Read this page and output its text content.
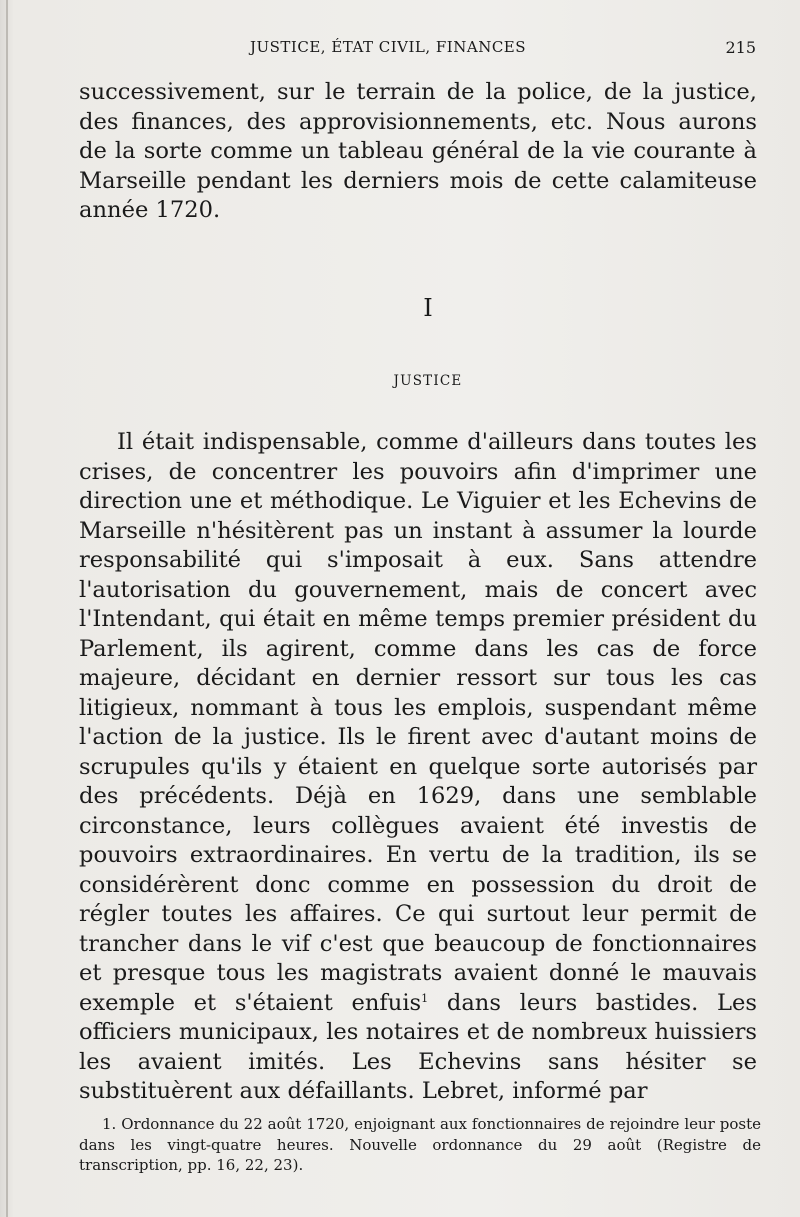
JUSTICE, ÉTAT CIVIL, FINANCES	215

successivement, sur le terrain de la police, de la justice, des finances, des approvisionnements, etc. Nous aurons de la sorte comme un tableau général de la vie courante à Marseille pendant les derniers mois de cette calamiteuse année 1720.

I
JUSTICE

Il était indispensable, comme d'ailleurs dans toutes les crises, de concentrer les pouvoirs afin d'imprimer une direction une et méthodique. Le Viguier et les Echevins de Marseille n'hésitèrent pas un instant à assumer la lourde responsabilité qui s'imposait à eux. Sans attendre l'autorisation du gouvernement, mais de concert avec l'Intendant, qui était en même temps premier président du Parlement, ils agirent, comme dans les cas de force majeure, décidant en dernier ressort sur tous les cas litigieux, nommant à tous les emplois, suspendant même l'action de la justice. Ils le firent avec d'autant moins de scrupules qu'ils y étaient en quelque sorte autorisés par des précédents. Déjà en 1629, dans une semblable circonstance, leurs collègues avaient été investis de pouvoirs extraordinaires. En vertu de la tradition, ils se considérèrent donc comme en possession du droit de régler toutes les affaires. Ce qui surtout leur permit de trancher dans le vif c'est que beaucoup de fonctionnaires et presque tous les magistrats avaient donné le mauvais exemple et s'étaient enfuis$^1$ dans leurs bastides. Les officiers municipaux, les notaires et de nombreux huissiers les avaient imités. Les Echevins sans hésiter se substituèrent aux défaillants. Lebret, informé par

1. Ordonnance du 22 août 1720, enjoignant aux fonctionnaires de rejoindre leur poste dans les vingt-quatre heures. Nouvelle ordonnance du 29 août (Registre de transcription, pp. 16, 22, 23).
